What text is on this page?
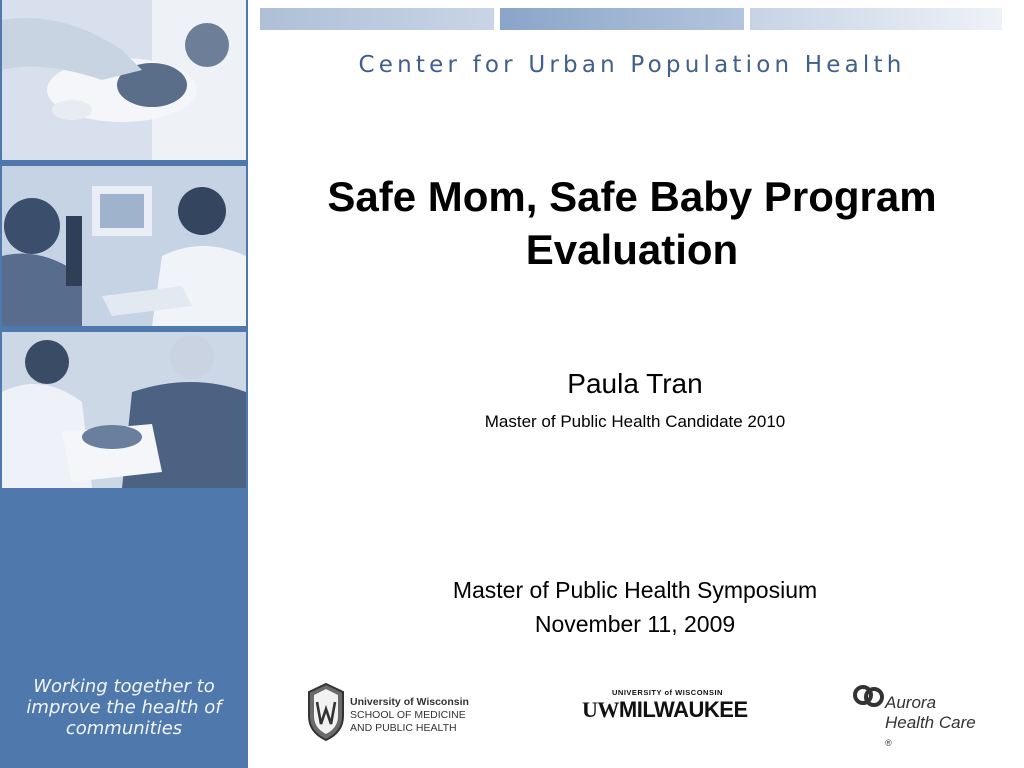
Working together to
improve the health of
communities

Center for Urban Population Health

Safe Mom, Safe Baby Program
Evaluation

Paula Tran

Master of Public Health Candidate 2010

Master of Public Health Symposium

November 11, 2009

University of Wisconsin
SCHOOL OF MEDICINE
AND PUBLIC HEALTH
UNIVERSITY of WISCONSIN
UWMILWAUKEE	Aurora
Health Care
®
